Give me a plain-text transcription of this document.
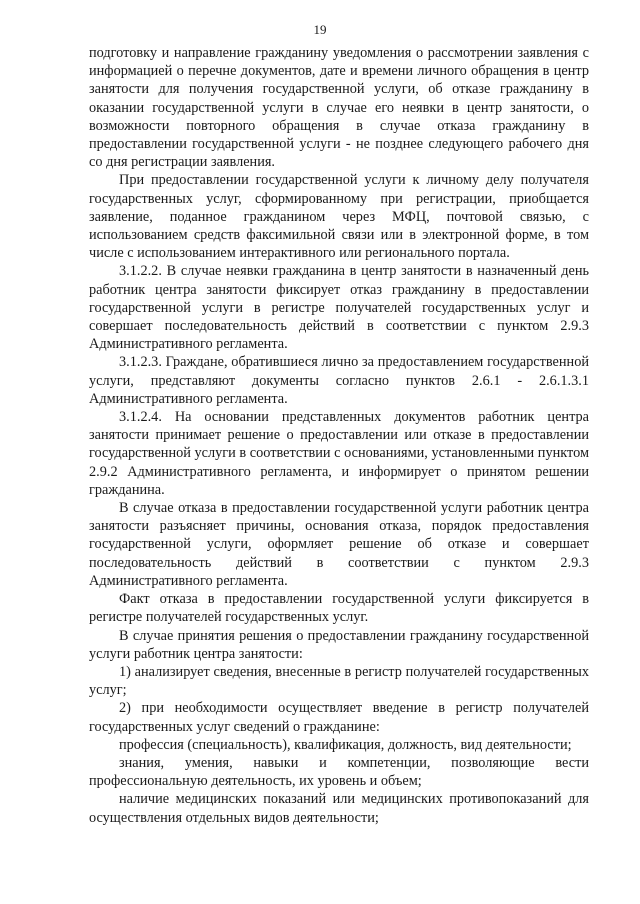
19

подготовку и направление гражданину уведомления о рассмотрении заявления с информацией о перечне документов, дате и времени личного обращения в центр занятости для получения государственной услуги, об отказе гражданину в оказании государственной услуги в случае его неявки в центр занятости, о возможности повторного обращения в случае отказа гражданину в предоставлении государственной услуги - не позднее следующего рабочего дня со дня регистрации заявления.

При предоставлении государственной услуги к личному делу получателя государственных услуг, сформированному при регистрации, приобщается заявление, поданное гражданином через МФЦ, почтовой связью, с использованием средств факсимильной связи или в электронной форме, в том числе с использованием интерактивного или регионального портала.

3.1.2.2. В случае неявки гражданина в центр занятости в назначенный день работник центра занятости фиксирует отказ гражданину в предоставлении государственной услуги в регистре получателей государственных услуг и совершает последовательность действий в соответствии с пунктом 2.9.3 Административного регламента.

3.1.2.3. Граждане, обратившиеся лично за предоставлением государственной услуги, представляют документы согласно пунктов 2.6.1 - 2.6.1.3.1 Административного регламента.

3.1.2.4. На основании представленных документов работник центра занятости принимает решение о предоставлении или отказе в предоставлении государственной услуги в соответствии с основаниями, установленными пунктом 2.9.2 Административного регламента, и информирует о принятом решении гражданина.

В случае отказа в предоставлении государственной услуги работник центра занятости разъясняет причины, основания отказа, порядок предоставления государственной услуги, оформляет решение об отказе и совершает последовательность действий в соответствии с пунктом 2.9.3 Административного регламента.

Факт отказа в предоставлении государственной услуги фиксируется в регистре получателей государственных услуг.

В случае принятия решения о предоставлении гражданину государственной услуги работник центра занятости:

1) анализирует сведения, внесенные в регистр получателей государственных услуг;

2) при необходимости осуществляет введение в регистр получателей государственных услуг сведений о гражданине:

профессия (специальность), квалификация, должность, вид деятельности;

знания, умения, навыки и компетенции, позволяющие вести профессиональную деятельность, их уровень и объем;

наличие медицинских показаний или медицинских противопоказаний для осуществления отдельных видов деятельности;
